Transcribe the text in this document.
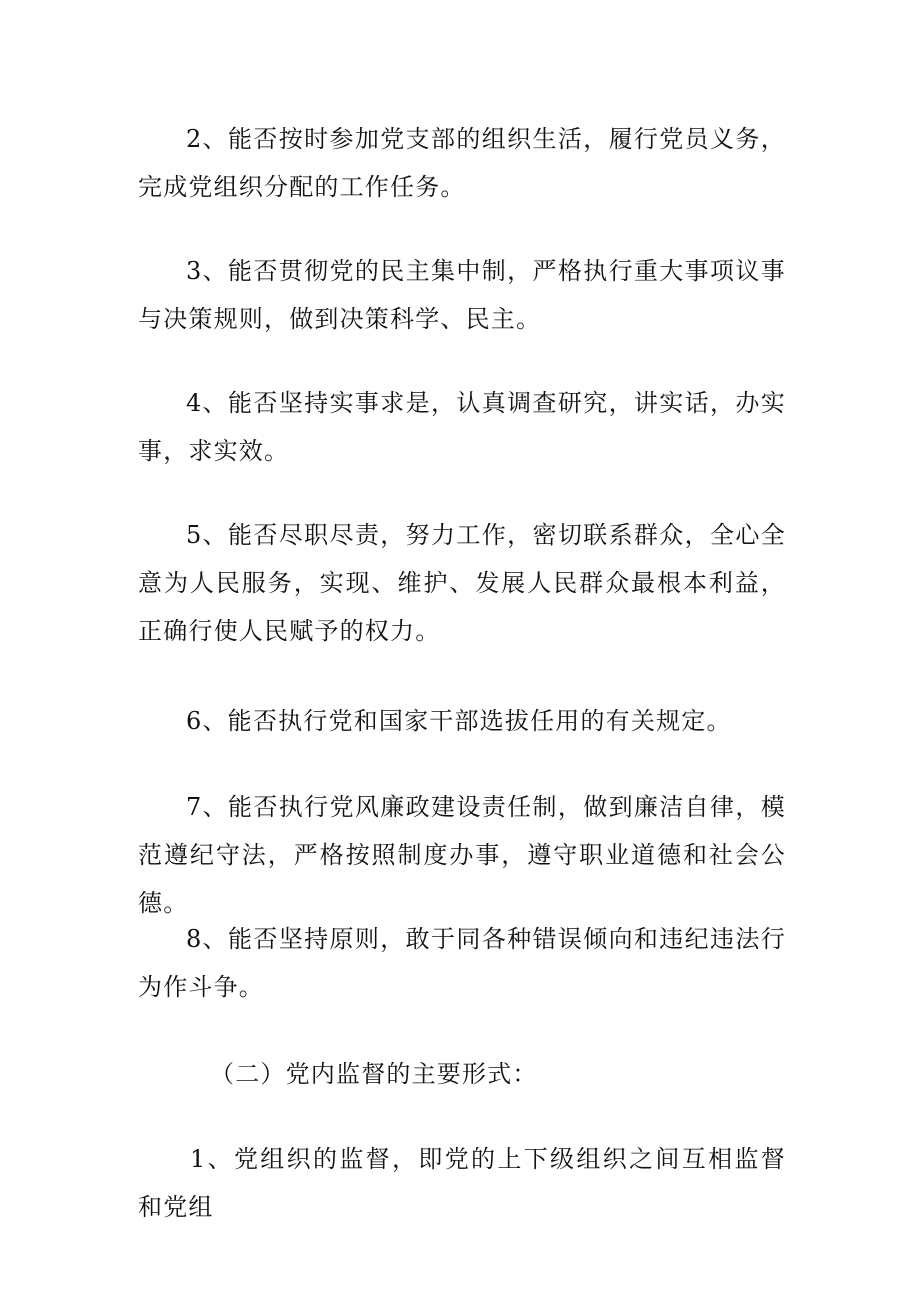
2、能否按时参加党支部的组织生活，履行党员义务，完成党组织分配的工作任务。

3、能否贯彻党的民主集中制，严格执行重大事项议事与决策规则，做到决策科学、民主。

4、能否坚持实事求是，认真调查研究，讲实话，办实事，求实效。

5、能否尽职尽责，努力工作，密切联系群众，全心全意为人民服务，实现、维护、发展人民群众最根本利益，正确行使人民赋予的权力。

6、能否执行党和国家干部选拔任用的有关规定。

7、能否执行党风廉政建设责任制，做到廉洁自律，模范遵纪守法，严格按照制度办事，遵守职业道德和社会公德。

8、能否坚持原则，敢于同各种错误倾向和违纪违法行为作斗争。

（二）党内监督的主要形式：

1、党组织的监督，即党的上下级组织之间互相监督和党组
